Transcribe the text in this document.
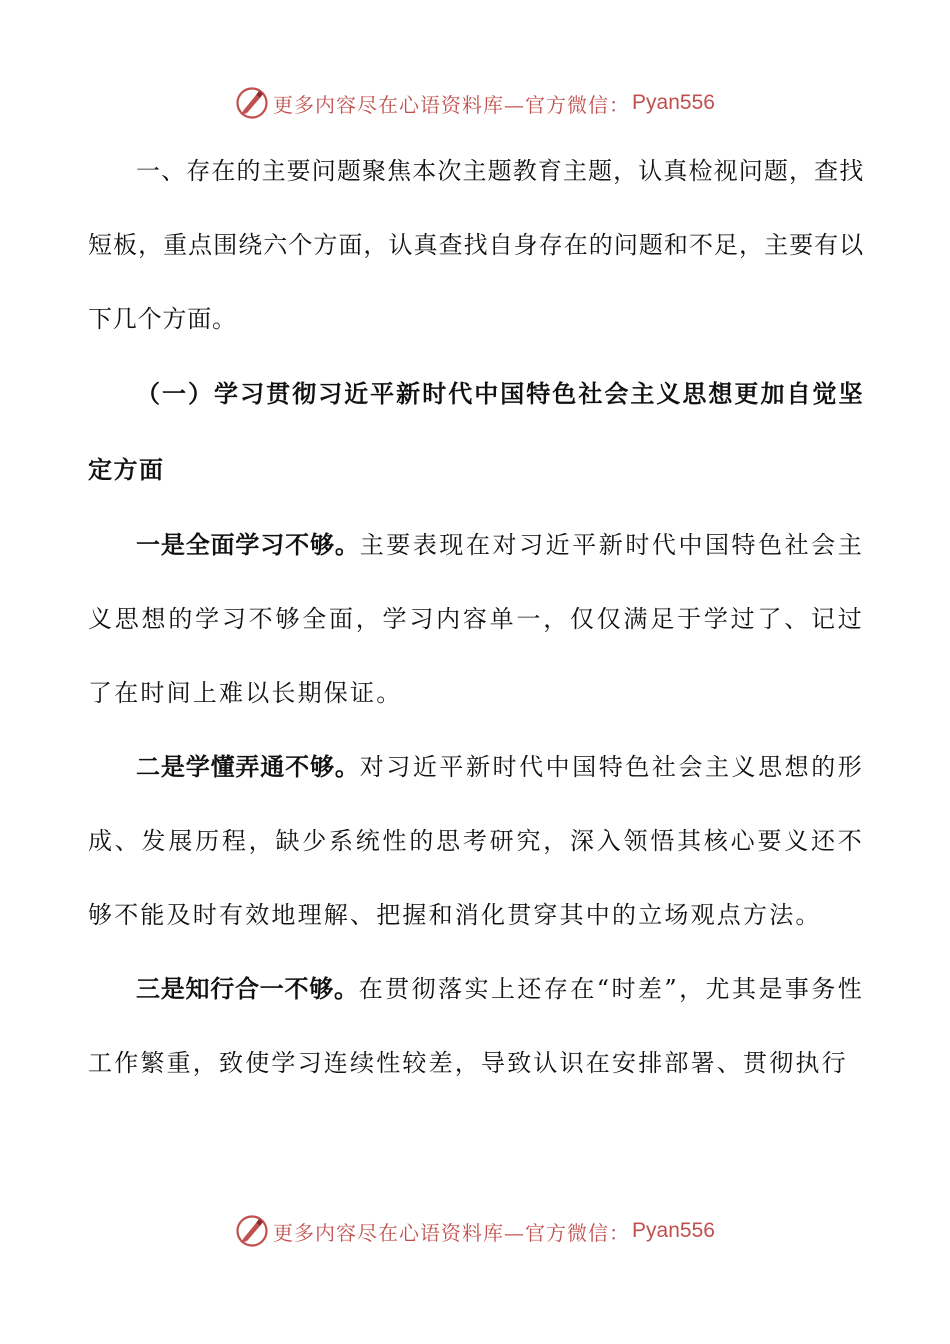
更多内容尽在心语资料库—官方微信： Pyan556

一、存在的主要问题聚焦本次主题教育主题，认真检视问题，查找短板，重点围绕六个方面，认真查找自身存在的问题和不足，主要有以下几个方面。

（一）学习贯彻习近平新时代中国特色社会主义思想更加自觉坚定方面

一是全面学习不够。主要表现在对习近平新时代中国特色社会主义思想的学习不够全面，学习内容单一，仅仅满足于学过了、记过了在时间上难以长期保证。

二是学懂弄通不够。对习近平新时代中国特色社会主义思想的形成、发展历程，缺少系统性的思考研究，深入领悟其核心要义还不够不能及时有效地理解、把握和消化贯穿其中的立场观点方法。

三是知行合一不够。在贯彻落实上还存在“时差”，尤其是事务性工作繁重，致使学习连续性较差，导致认识在安排部署、贯彻执行

更多内容尽在心语资料库—官方微信： Pyan556
